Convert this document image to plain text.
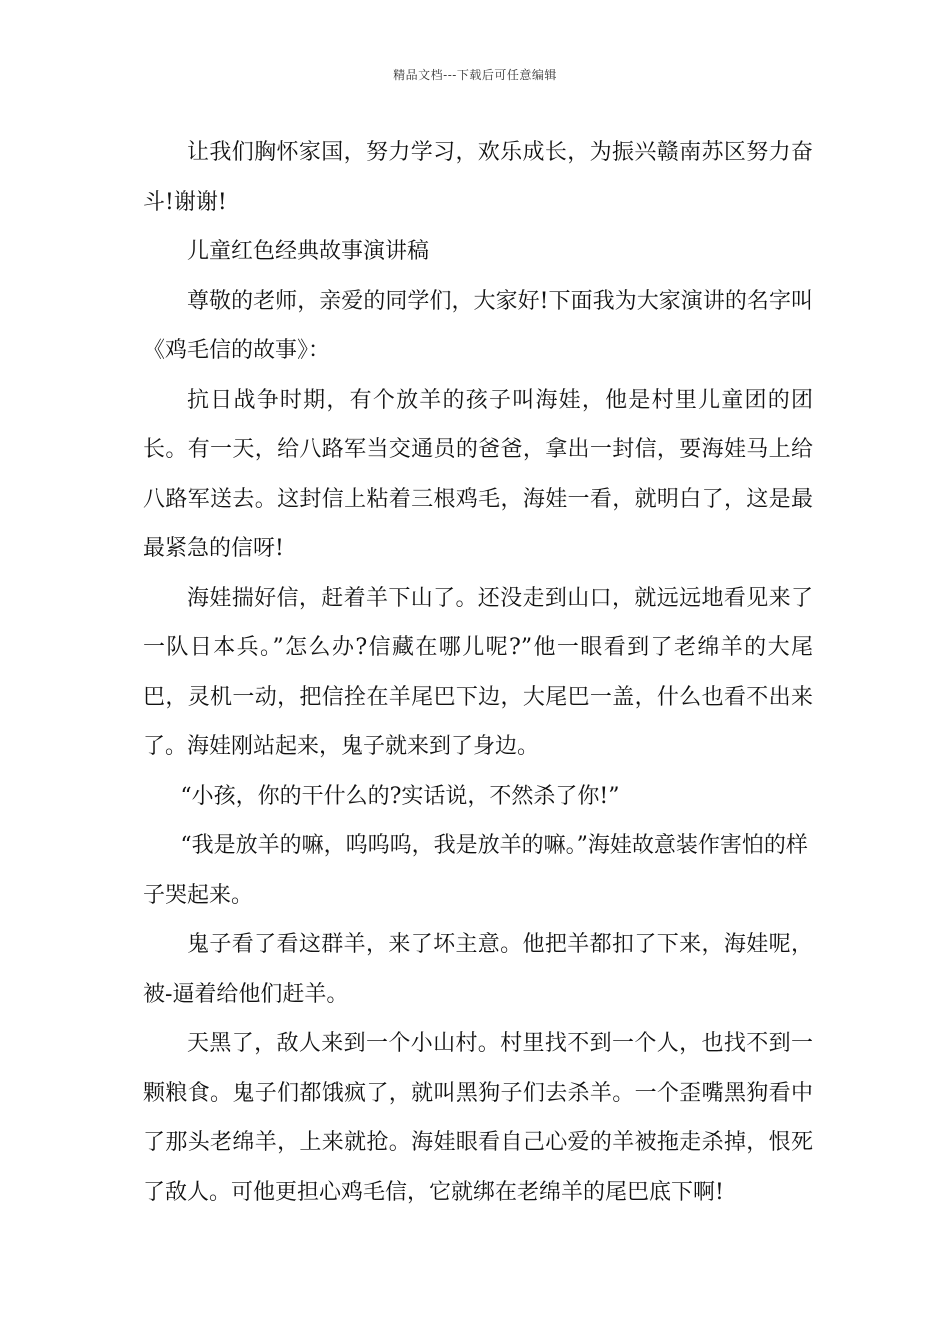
精品文档---下载后可任意编辑

让我们胸怀家国，努力学习，欢乐成长，为振兴赣南苏区努力奋斗!谢谢!

儿童红色经典故事演讲稿

尊敬的老师，亲爱的同学们，大家好!下面我为大家演讲的名字叫《鸡毛信的故事》：

抗日战争时期，有个放羊的孩子叫海娃，他是村里儿童团的团长。有一天，给八路军当交通员的爸爸，拿出一封信，要海娃马上给八路军送去。这封信上粘着三根鸡毛，海娃一看，就明白了，这是最最紧急的信呀!

海娃揣好信，赶着羊下山了。还没走到山口，就远远地看见来了一队日本兵。”怎么办?信藏在哪儿呢?”他一眼看到了老绵羊的大尾巴，灵机一动，把信拴在羊尾巴下边，大尾巴一盖，什么也看不出来了。海娃刚站起来，鬼子就来到了身边。

“小孩，你的干什么的?实话说，不然杀了你!”

“我是放羊的嘛，呜呜呜，我是放羊的嘛。”海娃故意装作害怕的样子哭起来。

鬼子看了看这群羊，来了坏主意。他把羊都扣了下来，海娃呢，被-逼着给他们赶羊。

天黑了，敌人来到一个小山村。村里找不到一个人，也找不到一颗粮食。鬼子们都饿疯了，就叫黑狗子们去杀羊。一个歪嘴黑狗看中了那头老绵羊，上来就抢。海娃眼看自己心爱的羊被拖走杀掉，恨死了敌人。可他更担心鸡毛信，它就绑在老绵羊的尾巴底下啊!
